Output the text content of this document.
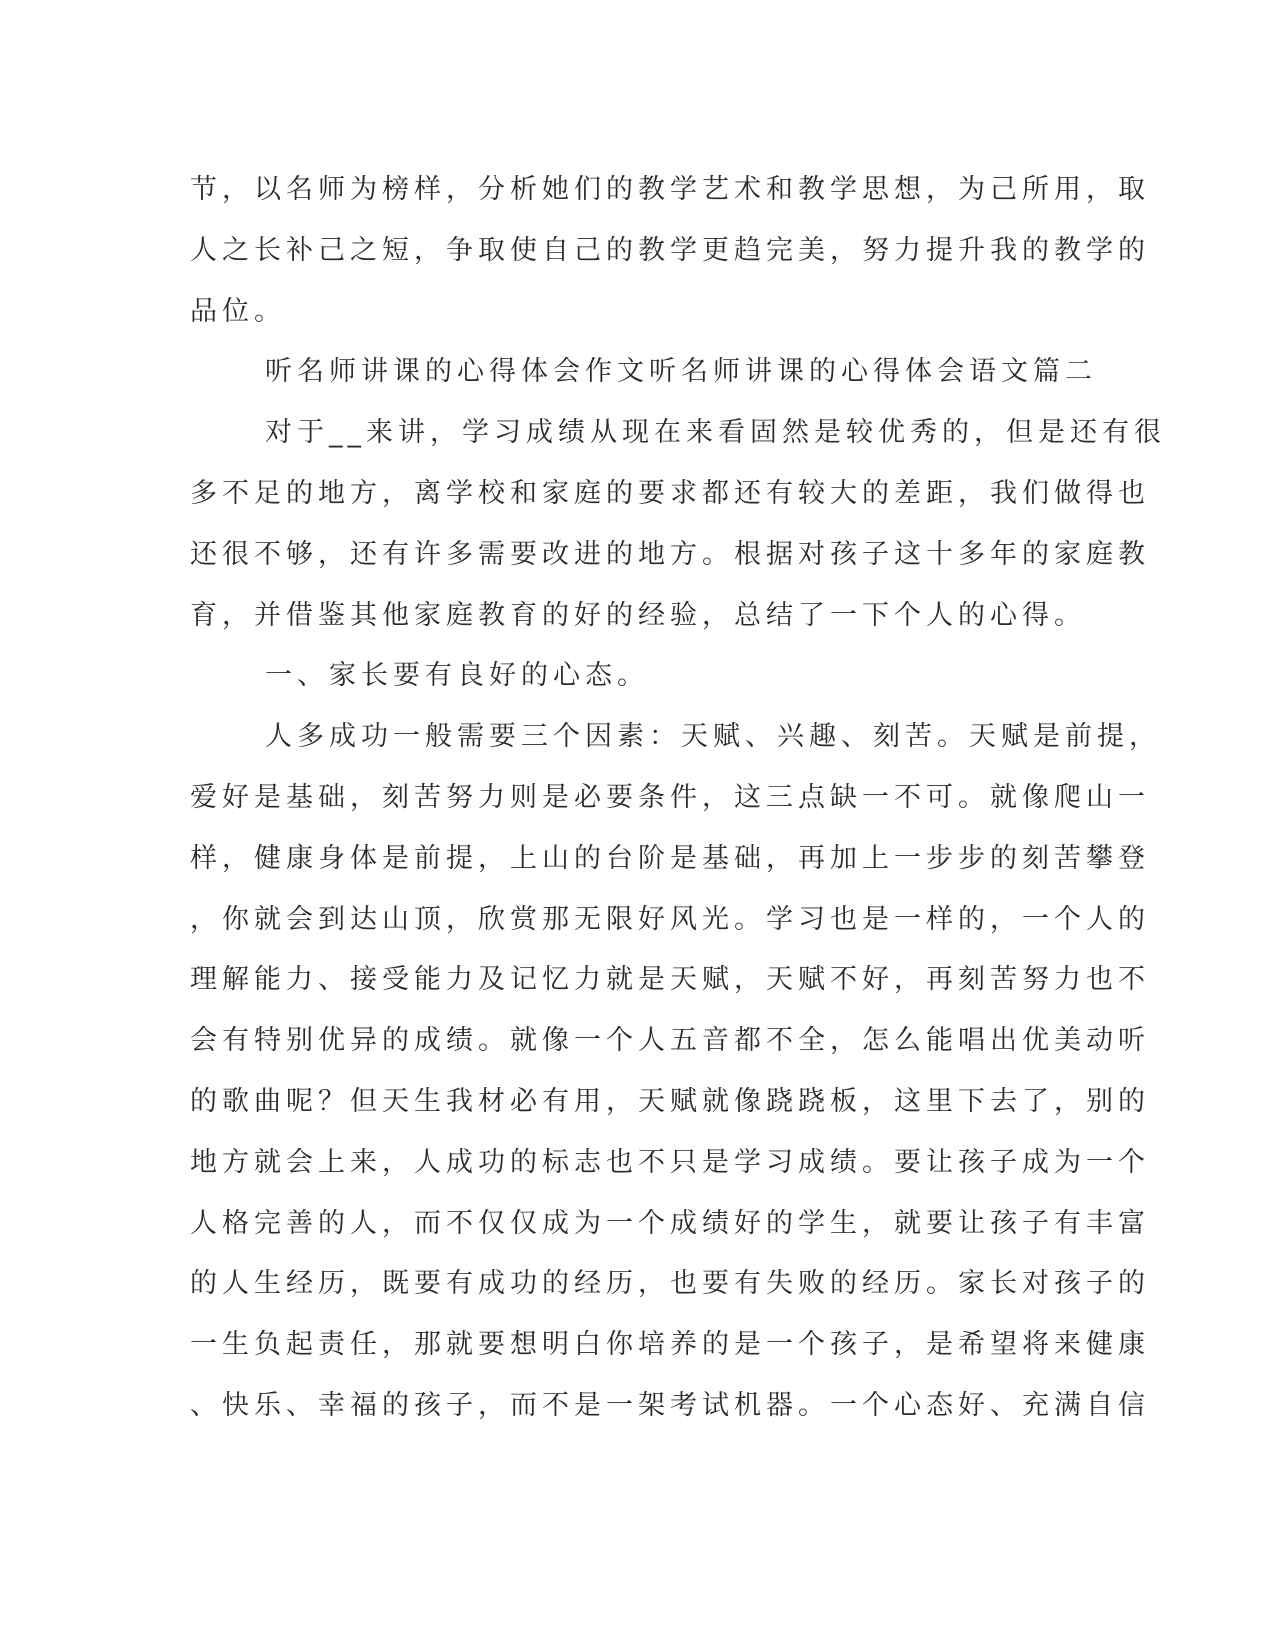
节，以名师为榜样，分析她们的教学艺术和教学思想，为己所用，取
人之长补己之短，争取使自己的教学更趋完美，努力提升我的教学的
品位。
听名师讲课的心得体会作文听名师讲课的心得体会语文篇二
对于__来讲，学习成绩从现在来看固然是较优秀的，但是还有很
多不足的地方，离学校和家庭的要求都还有较大的差距，我们做得也
还很不够，还有许多需要改进的地方。根据对孩子这十多年的家庭教
育，并借鉴其他家庭教育的好的经验，总结了一下个人的心得。
一、家长要有良好的心态。
人多成功一般需要三个因素：天赋、兴趣、刻苦。天赋是前提，
爱好是基础，刻苦努力则是必要条件，这三点缺一不可。就像爬山一
样，健康身体是前提，上山的台阶是基础，再加上一步步的刻苦攀登
，你就会到达山顶，欣赏那无限好风光。学习也是一样的，一个人的
理解能力、接受能力及记忆力就是天赋，天赋不好，再刻苦努力也不
会有特别优异的成绩。就像一个人五音都不全，怎么能唱出优美动听
的歌曲呢？但天生我材必有用，天赋就像跷跷板，这里下去了，别的
地方就会上来，人成功的标志也不只是学习成绩。要让孩子成为一个
人格完善的人，而不仅仅成为一个成绩好的学生，就要让孩子有丰富
的人生经历，既要有成功的经历，也要有失败的经历。家长对孩子的
一生负起责任，那就要想明白你培养的是一个孩子，是希望将来健康
、快乐、幸福的孩子，而不是一架考试机器。一个心态好、充满自信
